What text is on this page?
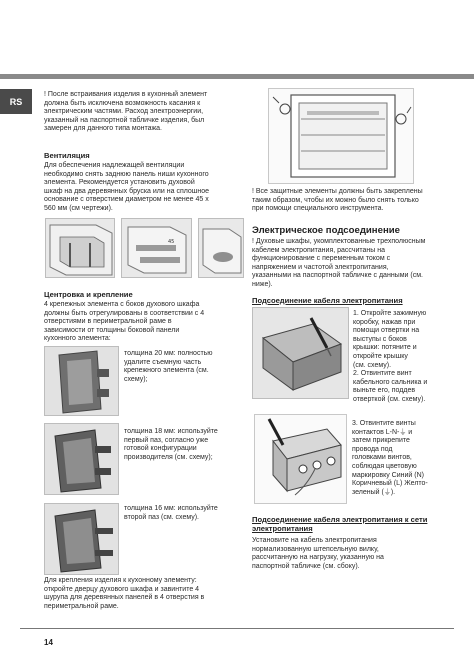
RS
! После встраивания изделия в кухонный элемент
должна быть исключена возможность касания к
электрическим частями. Расход электроэнергии,
указанный на паспортной табличке изделия, был
замерен для данного типа монтажа.
Вентиляция
Для обеспечения надлежащей вентиляции
необходимо снять заднюю панель ниши кухонного
элемента. Рекомендуется установить духовой
шкаф на два деревянных бруска или на сплошное
основание с отверстием диаметром не менее 45 x
560 мм (см чертежи).
45
Центровка и крепление
4 крепежных элемента с боков духового шкафа
должны быть отрегулированы в соответствии с 4
отверстиями в периметральной раме в
зависимости от толщины боковой панели
кухонного элемента:
толщина 20 мм: полностью
удалите съемную часть
крепежного элемента (см.
схему);
толщина 18 мм: используйте
первый паз, согласно уже
готовой конфигурации
производителя (см. схему);
толщина 16 мм: используйте
второй паз (см. схему).
Для крепления изделия к кухонному элементу:
откройте дверцу духового шкафа и завинтите 4
шурупа для деревянных панелей в 4 отверстия в
периметральной раме.
! Все защитные элементы должны быть закреплены
таким образом, чтобы их можно было снять только
при помощи специального инструмента.
Электрическое подсоединение
! Духовые шкафы, укомплектованные трехполюсным
кабелем электропитания, рассчитаны на
функционирование с переменным током с
напряжением и частотой электропитания,
указанными на паспортной табличке с данными (см.
ниже).
Подсоединение кабеля электропитания
1. Откройте зажимную
коробку, нажав при
помощи отвертки на
выступы с боков
крышки: потяните и
откройте крышку
(см. схему).
2. Отвинтите винт
кабельного сальника и
выньте его, поддев
отверткой (см. схему).
3. Отвинтите винты
контактов L-N-⏚ и
затем прикрепите
провода под
головками винтов,
соблюдая цветовую
маркировку Синий (N)
Коричневый (L) Желто-
зеленый (⏚).
Подсоединение кабеля электропитания к сети
электропитания
Установите на кабель электропитания
нормализованную штепсельную вилку,
рассчитанную на нагрузку, указанную на
паспортной табличке (см. сбоку).
14
